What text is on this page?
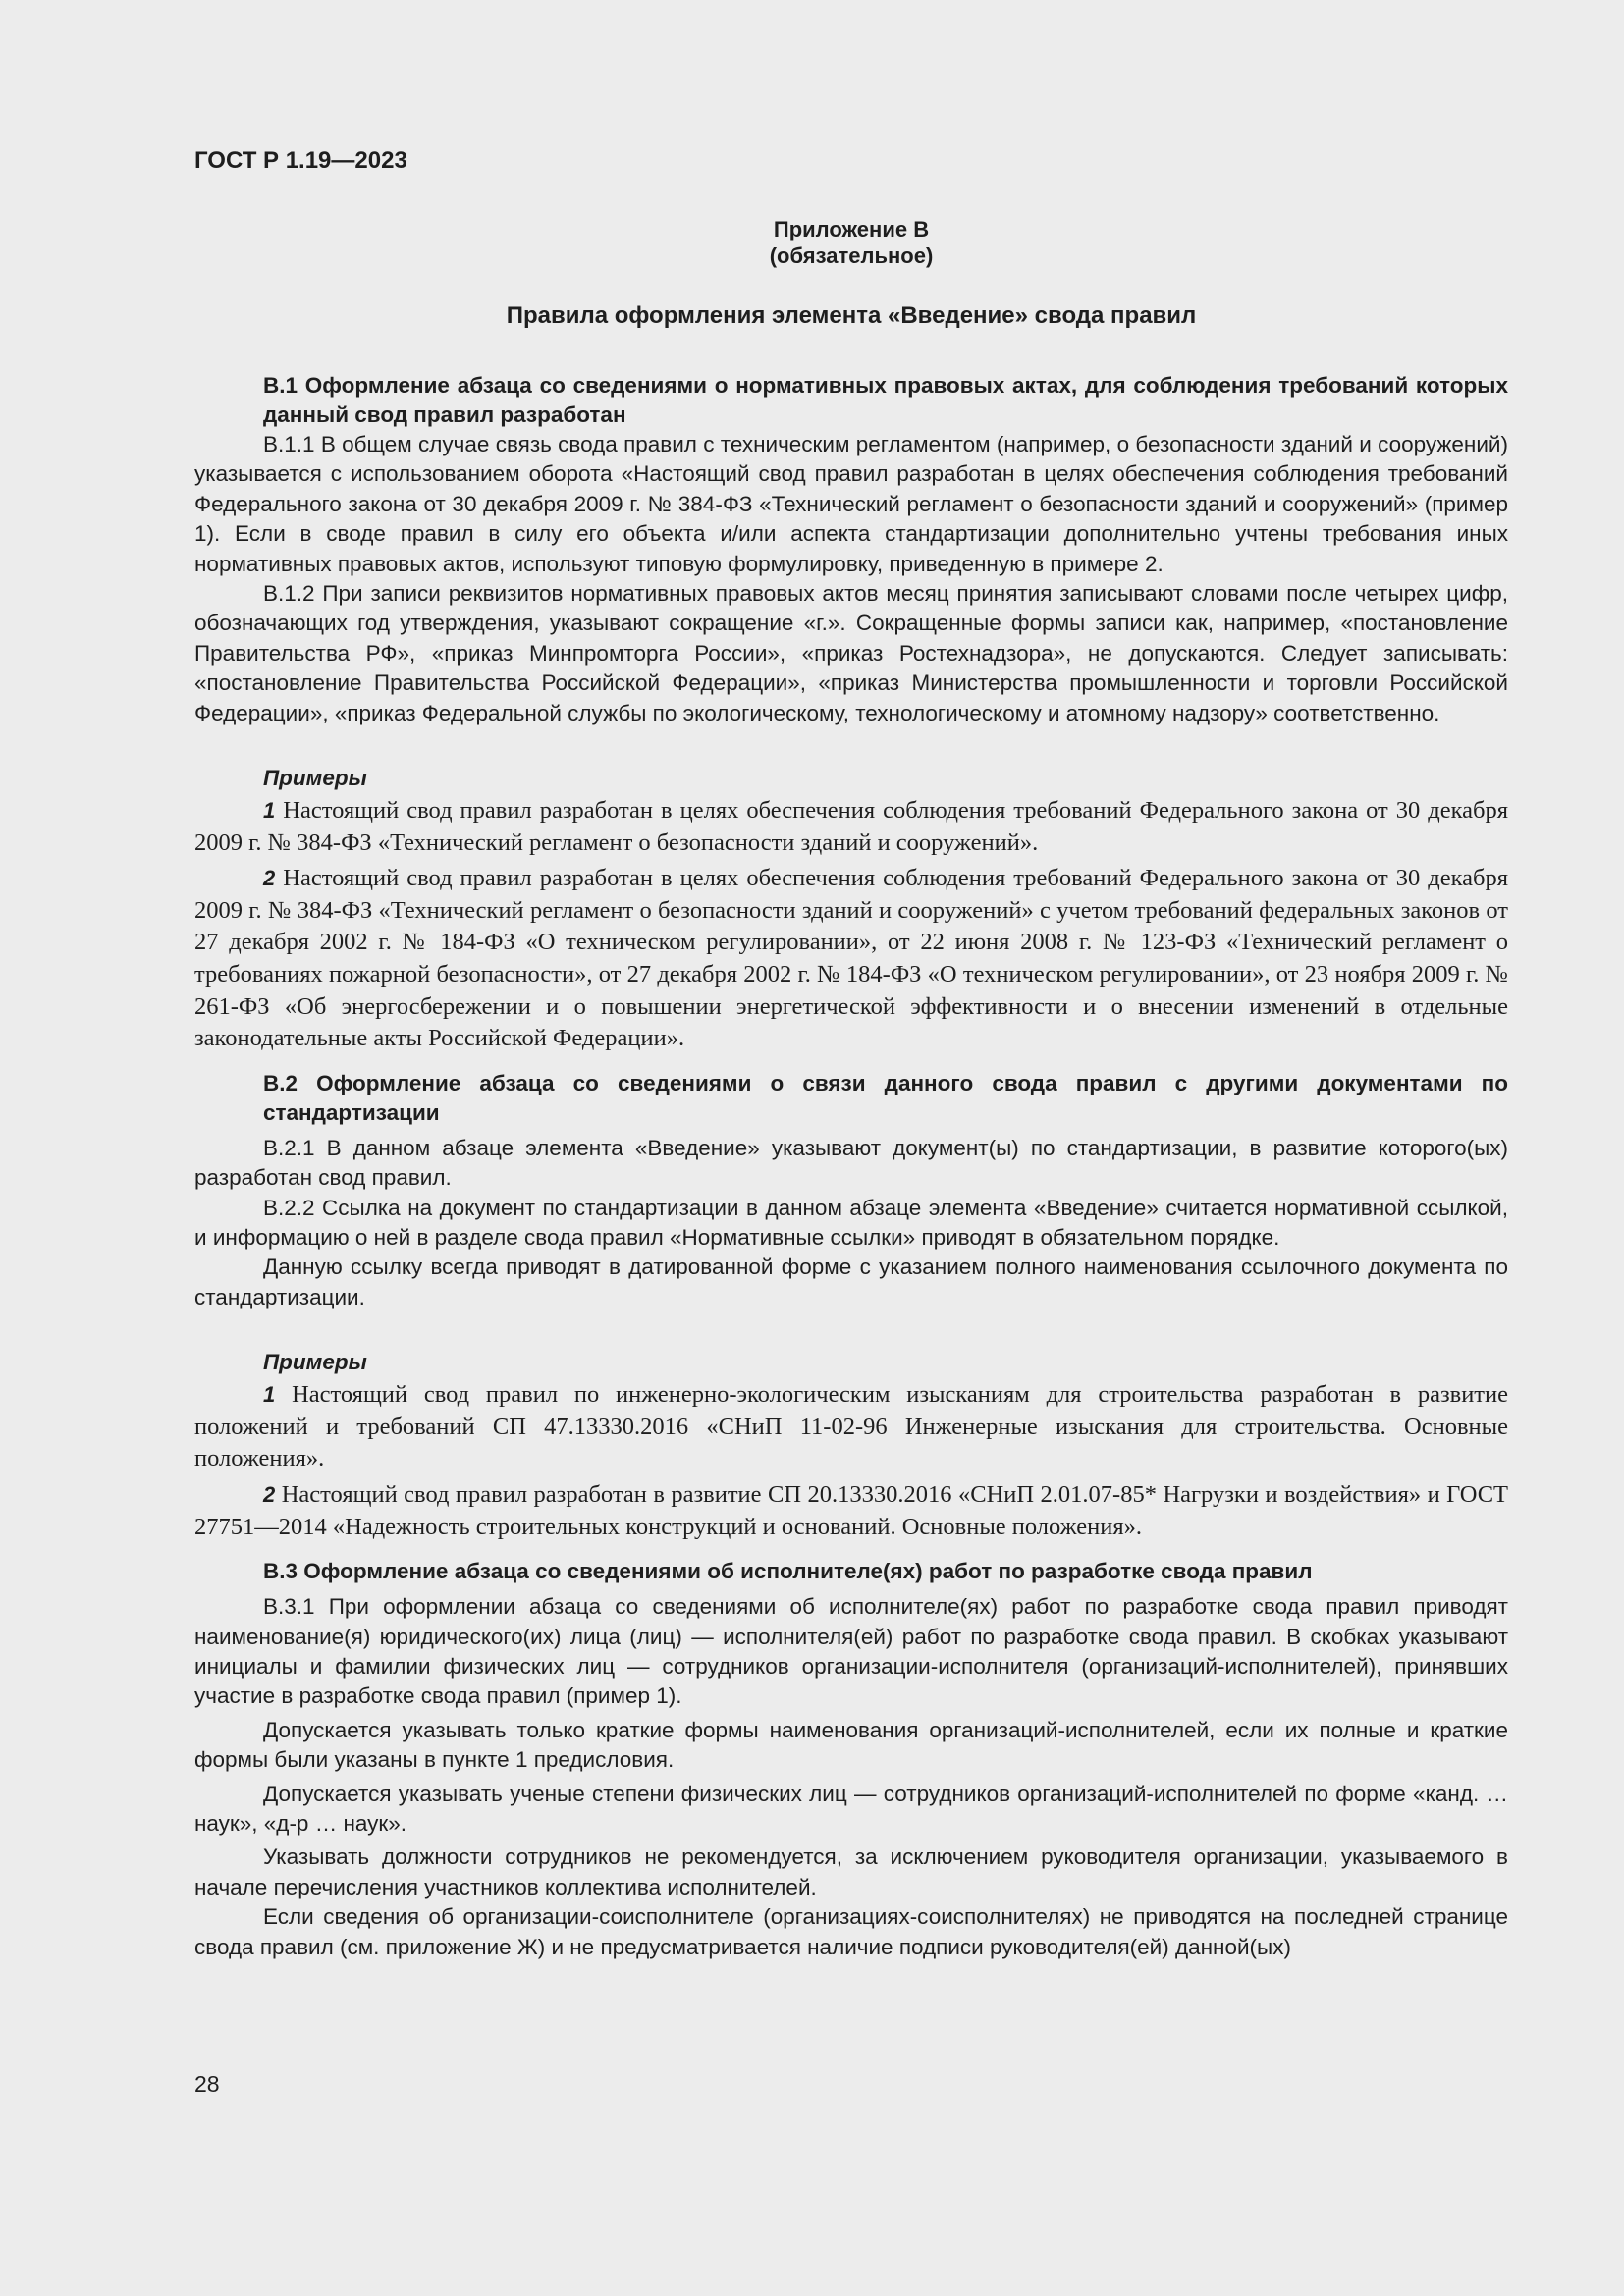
ГОСТ Р 1.19—2023
Приложение В
(обязательное)
Правила оформления элемента «Введение» свода правил
В.1 Оформление абзаца со сведениями о нормативных правовых актах, для соблюдения требований которых данный свод правил разработан

В.1.1 В общем случае связь свода правил с техническим регламентом (например, о безопасности зданий и сооружений) указывается с использованием оборота «Настоящий свод правил разработан в целях обеспечения соблюдения требований Федерального закона от 30 декабря 2009 г. № 384-ФЗ «Технический регламент о безопасности зданий и сооружений» (пример 1). Если в своде правил в силу его объекта и/или аспекта стандартизации дополнительно учтены требования иных нормативных правовых актов, используют типовую формулировку, приведенную в примере 2.

В.1.2 При записи реквизитов нормативных правовых актов месяц принятия записывают словами после четырех цифр, обозначающих год утверждения, указывают сокращение «г.». Сокращенные формы записи как, например, «постановление Правительства РФ», «приказ Минпромторга России», «приказ Ростехнадзора», не допускаются. Следует записывать: «постановление Правительства Российской Федерации», «приказ Министерства промышленности и торговли Российской Федерации», «приказ Федеральной службы по экологическому, технологическому и атомному надзору» соответственно.

Примеры

1 Настоящий свод правил разработан в целях обеспечения соблюдения требований Федерального закона от 30 декабря 2009 г. № 384-ФЗ «Технический регламент о безопасности зданий и сооружений».

2 Настоящий свод правил разработан в целях обеспечения соблюдения требований Федерального закона от 30 декабря 2009 г. № 384-ФЗ «Технический регламент о безопасности зданий и сооружений» с учетом требований федеральных законов от 27 декабря 2002 г. № 184-ФЗ «О техническом регулировании», от 22 июня 2008 г. № 123-ФЗ «Технический регламент о требованиях пожарной безопасности», от 27 декабря 2002 г. № 184-ФЗ «О техническом регулировании», от 23 ноября 2009 г. № 261-ФЗ «Об энергосбережении и о повышении энергетической эффективности и о внесении изменений в отдельные законодательные акты Российской Федерации».

В.2 Оформление абзаца со сведениями о связи данного свода правил с другими документами по стандартизации

В.2.1 В данном абзаце элемента «Введение» указывают документ(ы) по стандартизации, в развитие которого(ых) разработан свод правил.

В.2.2 Ссылка на документ по стандартизации в данном абзаце элемента «Введение» считается нормативной ссылкой, и информацию о ней в разделе свода правил «Нормативные ссылки» приводят в обязательном порядке.

Данную ссылку всегда приводят в датированной форме с указанием полного наименования ссылочного документа по стандартизации.

Примеры

1 Настоящий свод правил по инженерно-экологическим изысканиям для строительства разработан в развитие положений и требований СП 47.13330.2016 «СНиП 11-02-96 Инженерные изыскания для строительства. Основные положения».

2 Настоящий свод правил разработан в развитие СП 20.13330.2016 «СНиП 2.01.07-85* Нагрузки и воздействия» и ГОСТ 27751—2014 «Надежность строительных конструкций и оснований. Основные положения».

В.3 Оформление абзаца со сведениями об исполнителе(ях) работ по разработке свода правил

В.3.1 При оформлении абзаца со сведениями об исполнителе(ях) работ по разработке свода правил приводят наименование(я) юридического(их) лица (лиц) — исполнителя(ей) работ по разработке свода правил. В скобках указывают инициалы и фамилии физических лиц — сотрудников организации-исполнителя (организаций-исполнителей), принявших участие в разработке свода правил (пример 1).

Допускается указывать только краткие формы наименования организаций-исполнителей, если их полные и краткие формы были указаны в пункте 1 предисловия.

Допускается указывать ученые степени физических лиц — сотрудников организаций-исполнителей по форме «канд. … наук», «д-р … наук».

Указывать должности сотрудников не рекомендуется, за исключением руководителя организации, указываемого в начале перечисления участников коллектива исполнителей.

Если сведения об организации-соисполнителе (организациях-соисполнителях) не приводятся на последней странице свода правил (см. приложение Ж) и не предусматривается наличие подписи руководителя(ей) данной(ых)

28
